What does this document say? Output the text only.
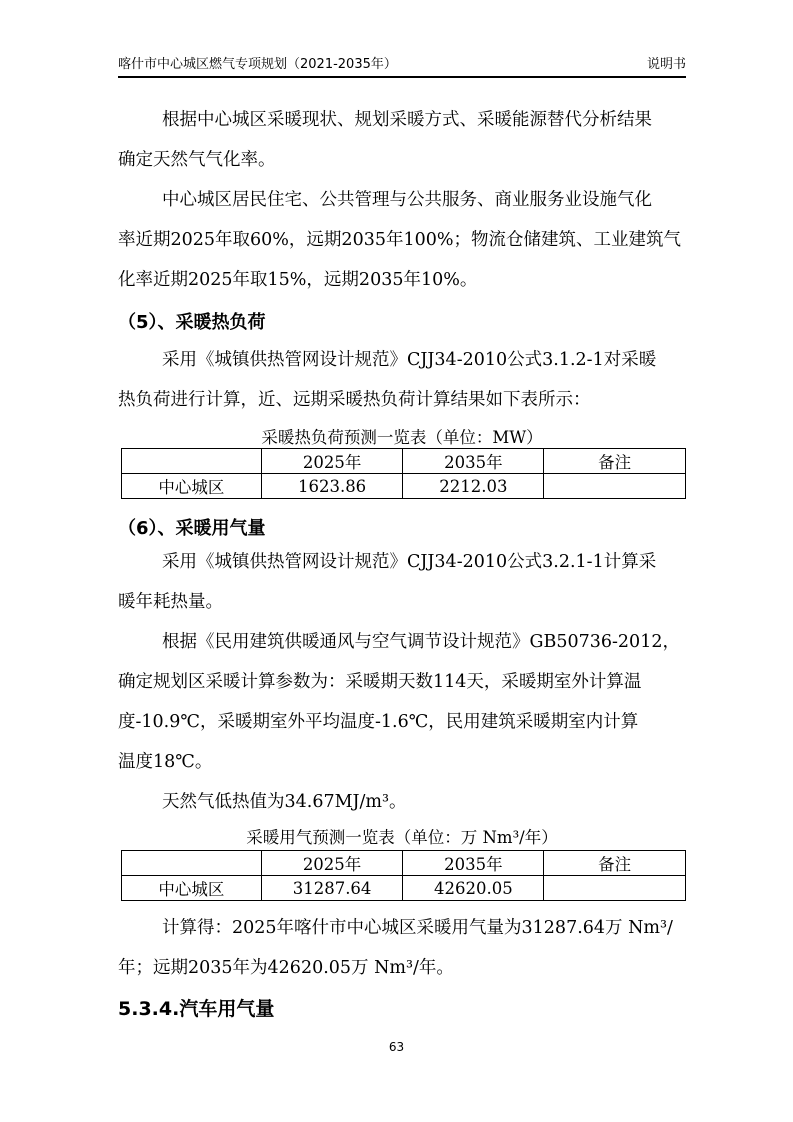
喀什市中心城区燃气专项规划（2021-2035年）	说明书
根据中心城区采暖现状、规划采暖方式、采暖能源替代分析结果
确定天然气气化率。
中心城区居民住宅、公共管理与公共服务、商业服务业设施气化
率近期2025年取60%，远期2035年100%；物流仓储建筑、工业建筑气
化率近期2025年取15%，远期2035年10%。
（5）、采暖热负荷
采用《城镇供热管网设计规范》CJJ34-2010公式3.1.2-1对采暖
热负荷进行计算，近、远期采暖热负荷计算结果如下表所示：
采暖热负荷预测一览表（单位：MW）
	2025年	2035年	备注
中心城区	1623.86	2212.03	
（6）、采暖用气量
采用《城镇供热管网设计规范》CJJ34-2010公式3.2.1-1计算采
暖年耗热量。
根据《民用建筑供暖通风与空气调节设计规范》GB50736-2012，
确定规划区采暖计算参数为：采暖期天数114天，采暖期室外计算温
度-10.9℃，采暖期室外平均温度-1.6℃，民用建筑采暖期室内计算
温度18℃。
天然气低热值为34.67MJ/m³。
采暖用气预测一览表（单位：万 Nm³/年）
	2025年	2035年	备注
中心城区	31287.64	42620.05	
计算得：2025年喀什市中心城区采暖用气量为31287.64万 Nm³/
年；远期2035年为42620.05万 Nm³/年。
5.3.4.汽车用气量
63
